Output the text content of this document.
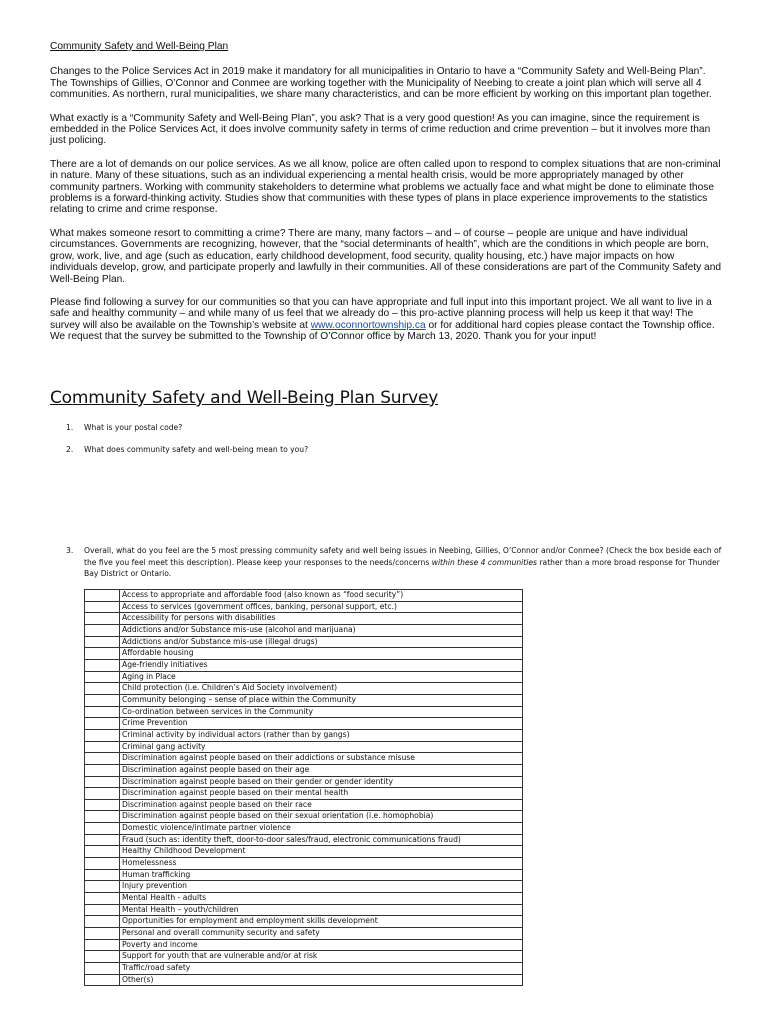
Community Safety and Well-Being Plan

Changes to the Police Services Act in 2019 make it mandatory for all municipalities in Ontario to have a “Community Safety and Well-Being Plan”. The Townships of Gillies, O’Connor and Conmee are working together with the Municipality of Neebing to create a joint plan which will serve all 4 communities. As northern, rural municipalities, we share many characteristics, and can be more efficient by working on this important plan together.

What exactly is a “Community Safety and Well-Being Plan”, you ask? That is a very good question! As you can imagine, since the requirement is embedded in the Police Services Act, it does involve community safety in terms of crime reduction and crime prevention – but it involves more than just policing.

There are a lot of demands on our police services. As we all know, police are often called upon to respond to complex situations that are non-criminal in nature. Many of these situations, such as an individual experiencing a mental health crisis, would be more appropriately managed by other community partners. Working with community stakeholders to determine what problems we actually face and what might be done to eliminate those problems is a forward-thinking activity. Studies show that communities with these types of plans in place experience improvements to the statistics relating to crime and crime response.

What makes someone resort to committing a crime? There are many, many factors – and – of course – people are unique and have individual circumstances. Governments are recognizing, however, that the “social determinants of health”, which are the conditions in which people are born, grow, work, live, and age (such as education, early childhood development, food security, quality housing, etc.) have major impacts on how individuals develop, grow, and participate properly and lawfully in their communities. All of these considerations are part of the Community Safety and Well-Being Plan.

Please find following a survey for our communities so that you can have appropriate and full input into this important project. We all want to live in a safe and healthy community – and while many of us feel that we already do – this pro-active planning process will help us keep it that way! The survey will also be available on the Township’s website at www.oconnortownship.ca or for additional hard copies please contact the Township office. We request that the survey be submitted to the Township of O’Connor office by March 13, 2020. Thank you for your input!

Community Safety and Well-Being Plan Survey
1. What is your postal code?
2. What does community safety and well-being mean to you?
3. Overall, what do you feel are the 5 most pressing community safety and well being issues in Neebing, Gillies, O’Connor and/or Conmee? (Check the box beside each of the five you feel meet this description). Please keep your responses to the needs/concerns within these 4 communities rather than a more broad response for Thunder Bay District or Ontario.
	Access to appropriate and affordable food (also known as “food security”)
	Access to services (government offices, banking, personal support, etc.)
	Accessibility for persons with disabilities
	Addictions and/or Substance mis-use (alcohol and marijuana)
	Addictions and/or Substance mis-use (illegal drugs)
	Affordable housing
	Age-friendly initiatives
	Aging in Place
	Child protection (i.e. Children’s Aid Society involvement)
	Community belonging – sense of place within the Community
	Co-ordination between services in the Community
	Crime Prevention
	Criminal activity by individual actors (rather than by gangs)
	Criminal gang activity
	Discrimination against people based on their addictions or substance misuse
	Discrimination against people based on their age
	Discrimination against people based on their gender or gender identity
	Discrimination against people based on their mental health
	Discrimination against people based on their race
	Discrimination against people based on their sexual orientation (i.e. homophobia)
	Domestic violence/intimate partner violence
	Fraud (such as: identity theft, door-to-door sales/fraud, electronic communications fraud)
	Healthy Childhood Development
	Homelessness
	Human trafficking
	Injury prevention
	Mental Health - adults
	Mental Health – youth/children
	Opportunities for employment and employment skills development
	Personal and overall community security and safety
	Poverty and income
	Support for youth that are vulnerable and/or at risk
	Traffic/road safety
	Other(s)
